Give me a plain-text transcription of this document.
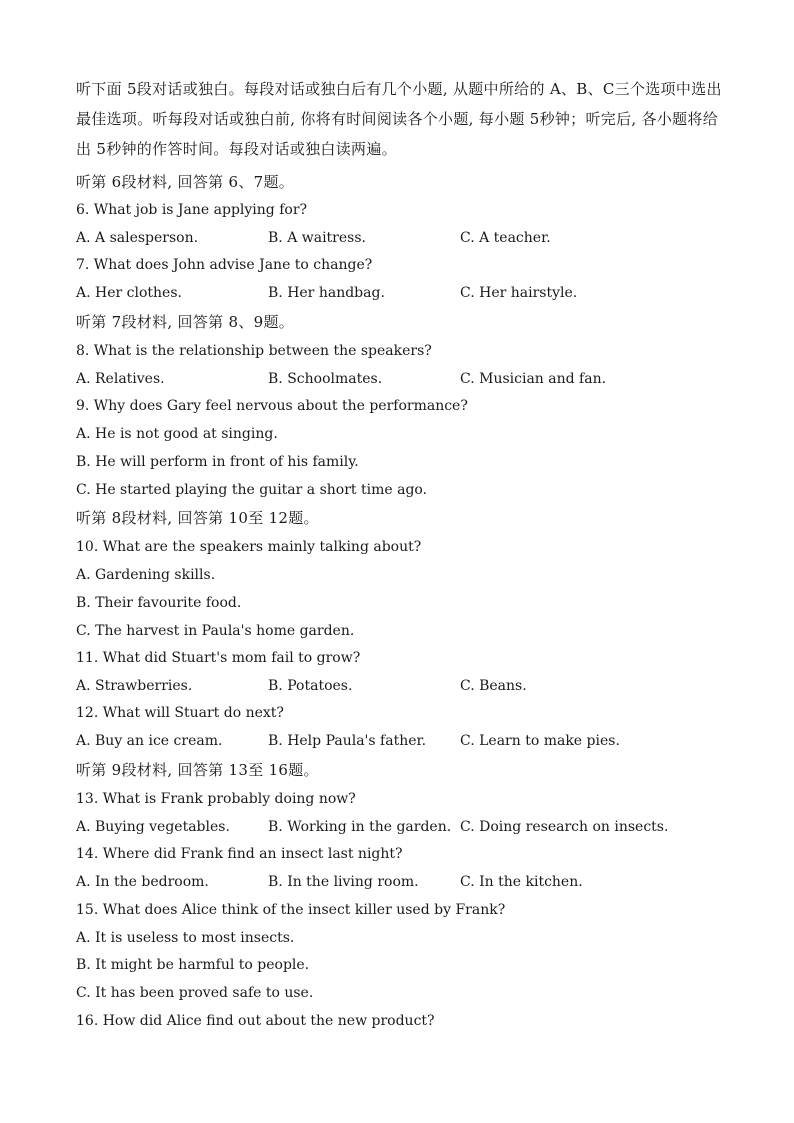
听下面 5段对话或独白。每段对话或独白后有几个小题, 从题中所给的 A、B、C三个选项中选出最佳选项。听每段对话或独白前, 你将有时间阅读各个小题, 每小题 5秒钟；听完后, 各小题将给出 5秒钟的作答时间。每段对话或独白读两遍。
听第 6段材料, 回答第 6、7题。
6. What job is Jane applying for?
A. A salesperson.	B. A waitress.	C. A teacher.
7. What does John advise Jane to change?
A. Her clothes.	B. Her handbag.	C. Her hairstyle.
听第 7段材料, 回答第 8、9题。
8. What is the relationship between the speakers?
A. Relatives.	B. Schoolmates.	C. Musician and fan.
9. Why does Gary feel nervous about the performance?
A. He is not good at singing.
B. He will perform in front of his family.
C. He started playing the guitar a short time ago.
听第 8段材料, 回答第 10至 12题。
10. What are the speakers mainly talking about?
A. Gardening skills.
B. Their favourite food.
C. The harvest in Paula's home garden.
11. What did Stuart's mom fail to grow?
A. Strawberries.	B. Potatoes.	C. Beans.
12. What will Stuart do next?
A. Buy an ice cream.	B. Help Paula's father. C. Learn to make pies.
听第 9段材料, 回答第 13至 16题。
13. What is Frank probably doing now?
A. Buying vegetables.	B. Working in the garden. C. Doing research on insects.
14. Where did Frank find an insect last night?
A. In the bedroom.	B. In the living room.	C. In the kitchen.
15. What does Alice think of the insect killer used by Frank?
A. It is useless to most insects.
B. It might be harmful to people.
C. It has been proved safe to use.
16. How did Alice find out about the new product?
